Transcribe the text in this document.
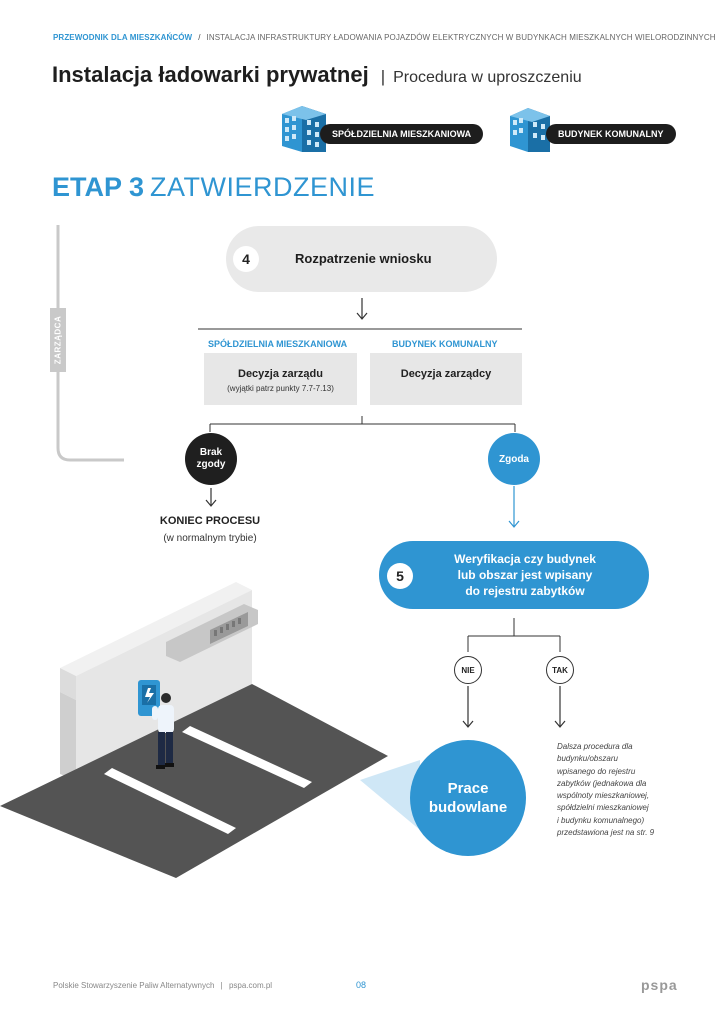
PRZEWODNIK DLA MIESZKAŃCÓW / INSTALACJA INFRASTRUKTURY ŁADOWANIA POJAZDÓW ELEKTRYCZNYCH W BUDYNKACH MIESZKALNYCH WIELORODZINNYCH
Instalacja ładowarki prywatnej | Procedura w uproszczeniu
SPÓŁDZIELNIA MIESZKANIOWA	BUDYNEK KOMUNALNY
ETAP 3 ZATWIERDZENIE
ZARZĄDCA
4	Rozpatrzenie wniosku
SPÓŁDZIELNIA MIESZKANIOWA	BUDYNEK KOMUNALNY
Decyzja zarządu
(wyjątki patrz punkty 7.7-7.13)
Decyzja zarządcy
Brak
zgody	Zgoda
KONIEC PROCESU
(w normalnym trybie)
5
Weryfikacja czy budynek
lub obszar jest wpisany
do rejestru zabytków
NIE	TAK
Prace
budowlane
Dalsza procedura dla
budynku/obszaru
wpisanego do rejestru
zabytków (jednakowa dla
wspólnoty mieszkaniowej,
spółdzielni mieszkaniowej
i budynku komunalnego)
przedstawiona jest na str. 9
Polskie Stowarzyszenie Paliw Alternatywnych | pspa.com.pl	08	pspa
